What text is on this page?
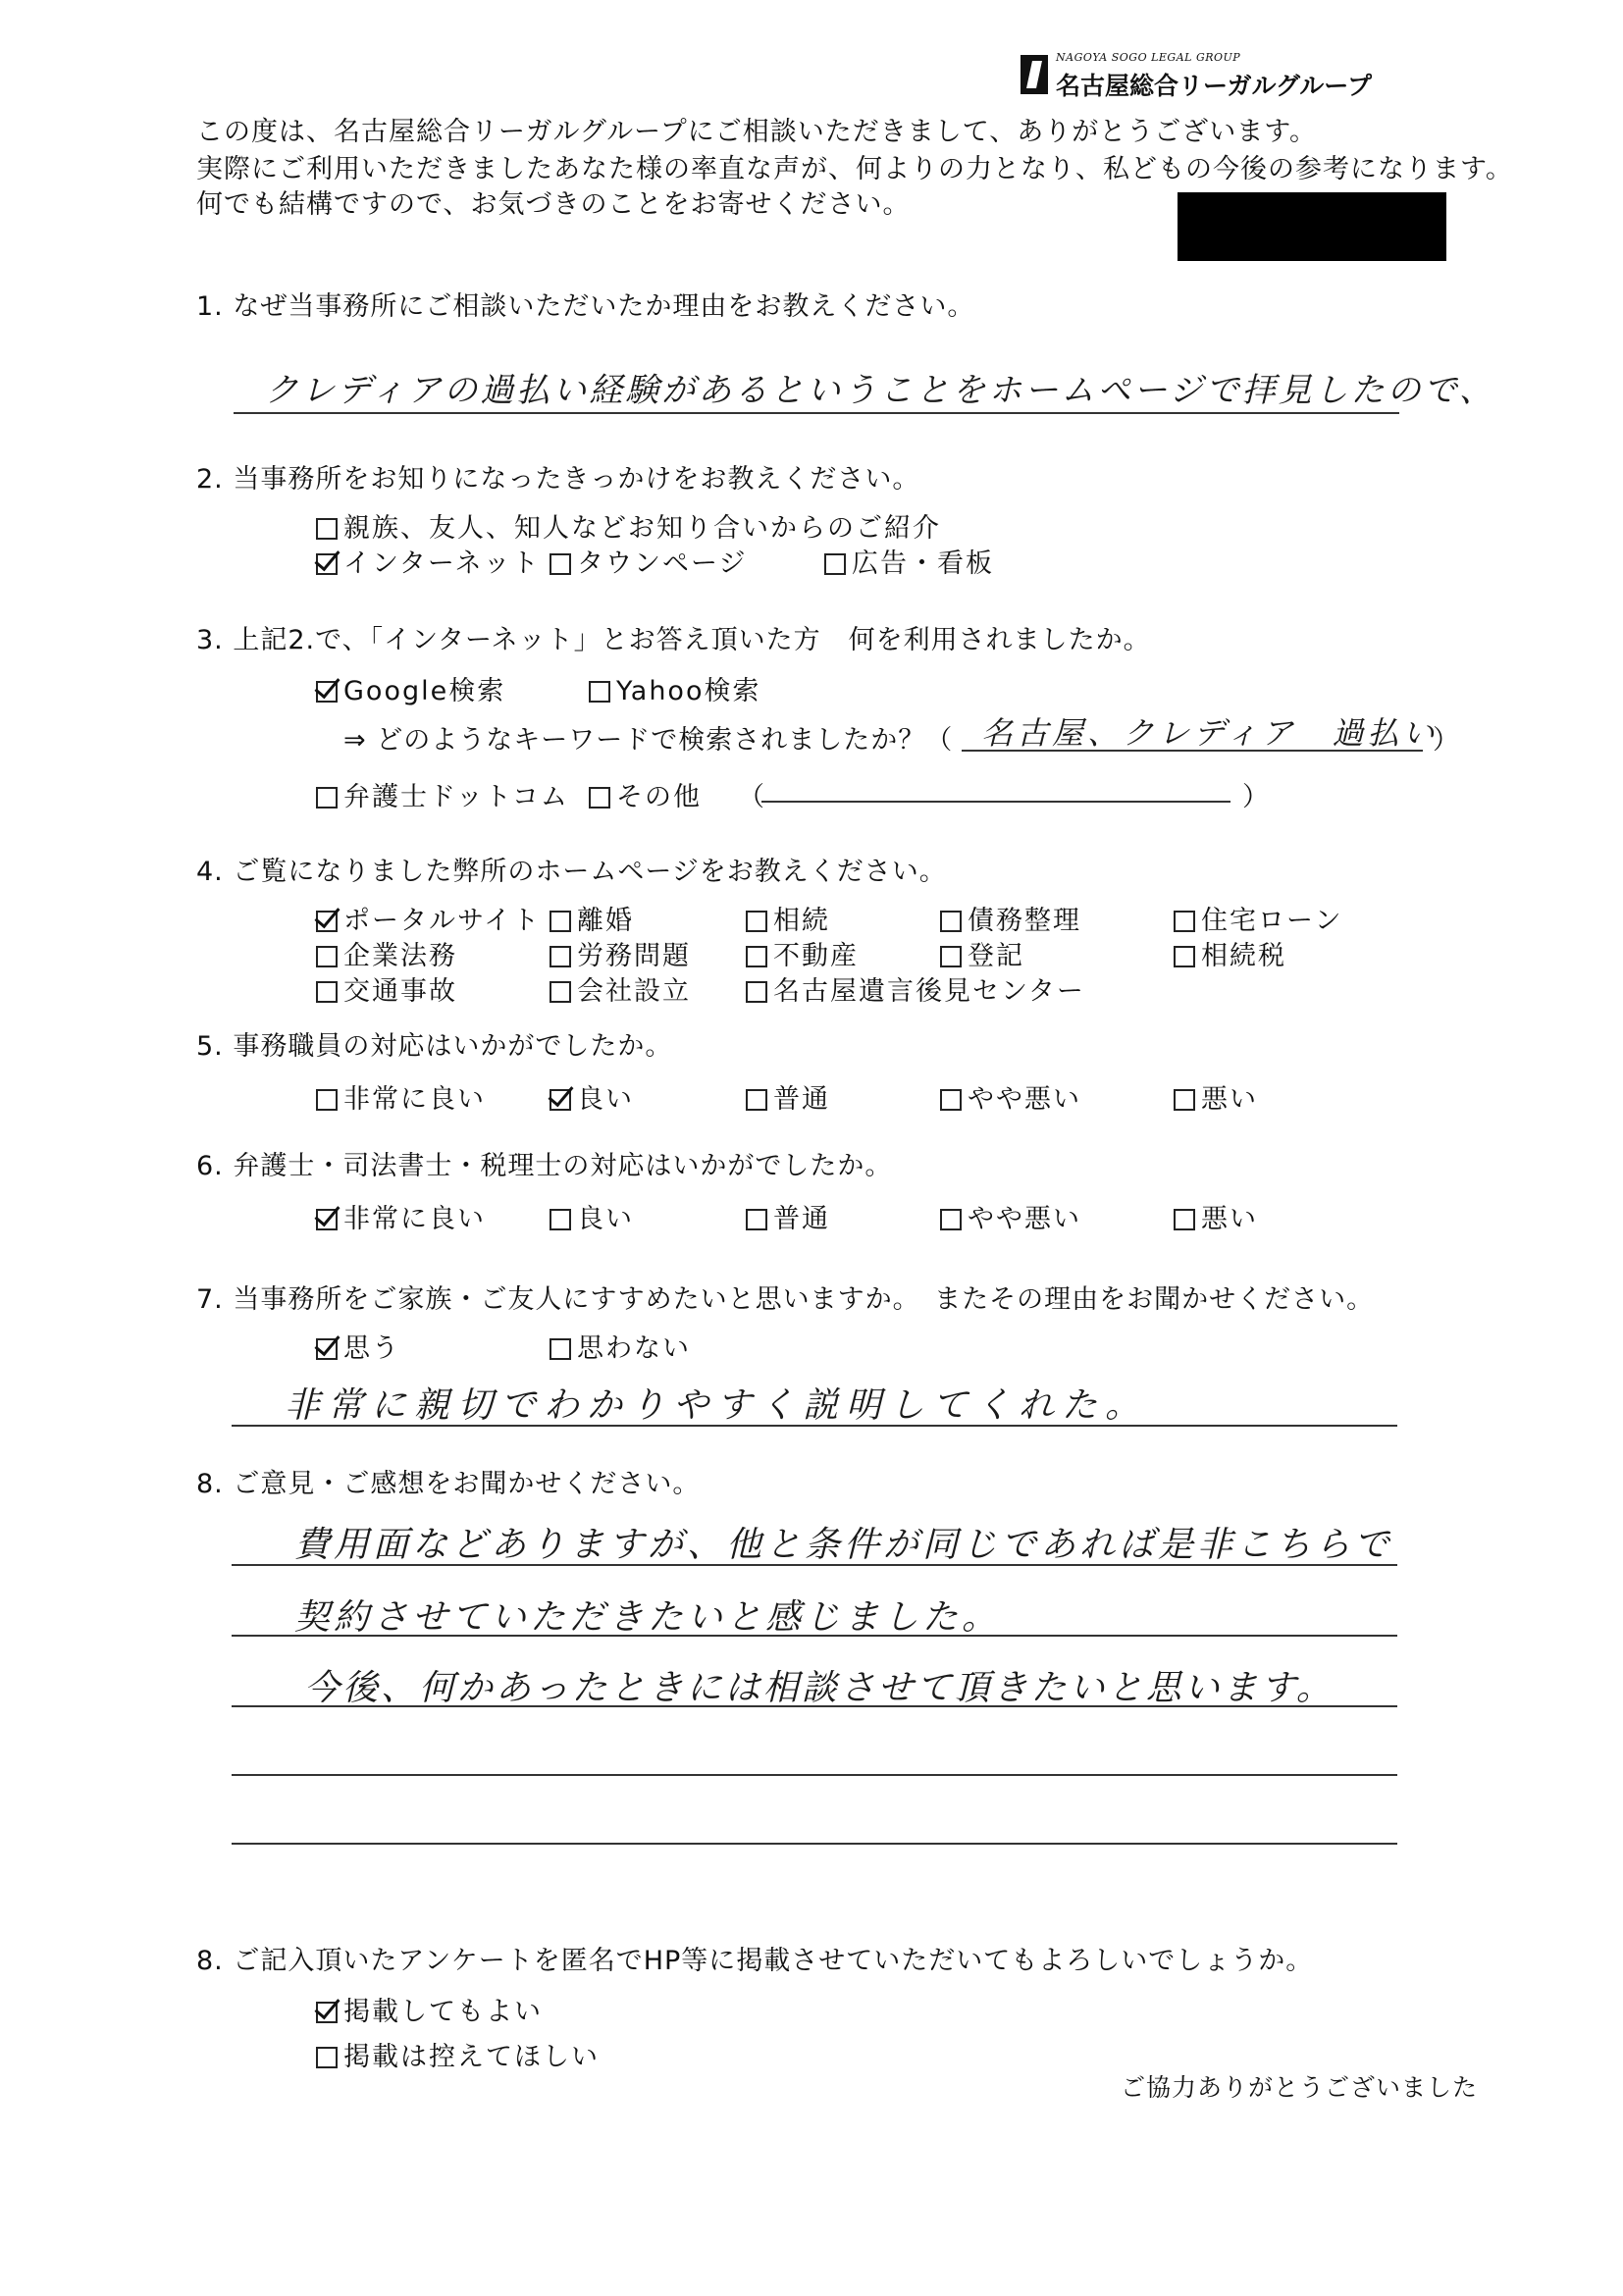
NAGOYA SOGO LEGAL GROUP
名古屋総合リーガルグループ
この度は、名古屋総合リーガルグループにご相談いただきまして、ありがとうございます。
実際にご利用いただきましたあなた様の率直な声が、何よりの力となり、私どもの今後の参考になります。
何でも結構ですので、お気づきのことをお寄せください。
1. なぜ当事務所にご相談いただいたか理由をお教えください。
クレディアの過払い経験があるということをホームページで拝見したので、
2. 当事務所をお知りになったきっかけをお教えください。
親族、友人、知人などお知り合いからのご紹介
インターネット	タウンページ	広告・看板
3. 上記2.で、「インターネット」とお答え頂いた方　何を利用されましたか。
Google検索	Yahoo検索
⇒ どのようなキーワードで検索されましたか？（ 名古屋、クレディア　過払い
）
弁護士ドットコム	その他 （	）
4. ご覧になりました弊所のホームページをお教えください。
ポータルサイト	離婚	相続	債務整理	住宅ローン
企業法務	労務問題	不動産	登記	相続税
交通事故	会社設立	名古屋遺言後見センター
5. 事務職員の対応はいかがでしたか。
非常に良い	良い	普通	やや悪い	悪い
6. 弁護士・司法書士・税理士の対応はいかがでしたか。
非常に良い	良い	普通	やや悪い	悪い
7. 当事務所をご家族・ご友人にすすめたいと思いますか。　またその理由をお聞かせください。
思う	思わない
非常に親切でわかりやすく説明してくれた。
8. ご意見・ご感想をお聞かせください。
費用面などありますが、他と条件が同じであれば是非こちらで
契約させていただきたいと感じました。
今後、何かあったときには相談させて頂きたいと思います。
8. ご記入頂いたアンケートを匿名でHP等に掲載させていただいてもよろしいでしょうか。
掲載してもよい
掲載は控えてほしい
ご協力ありがとうございました
